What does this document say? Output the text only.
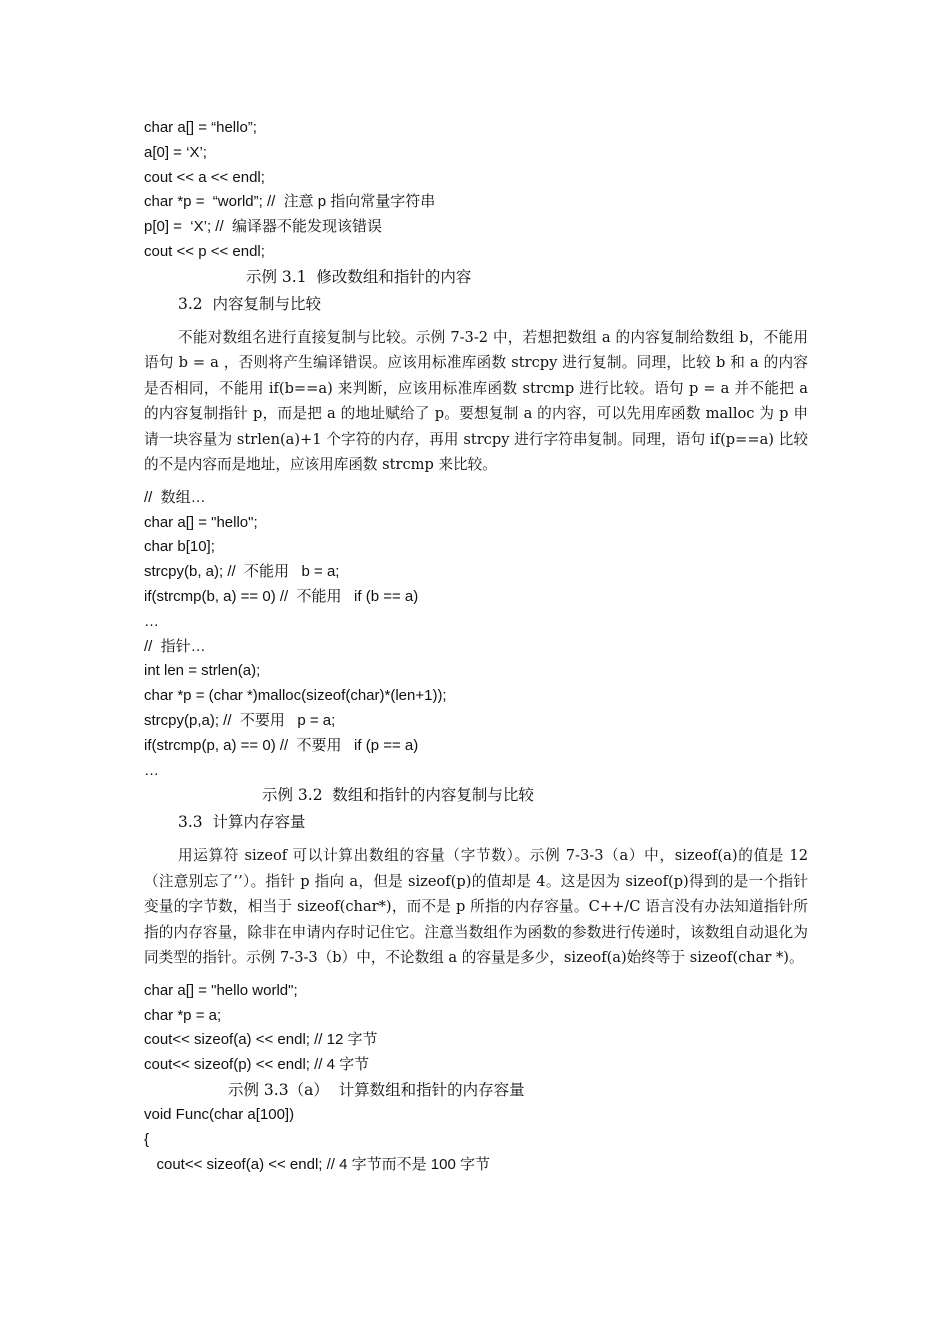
char a[] = “hello”;
a[0] = ‘X’;
cout << a << endl;
char *p =  “world”; //  注意 p 指向常量字符串
p[0] =  ‘X’; //  编译器不能发现该错误
cout << p << endl;
示例 3.1  修改数组和指针的内容
3.2  内容复制与比较

不能对数组名进行直接复制与比较。示例 7-3-2 中，若想把数组 a 的内容复制给数组 b，不能用语句 b = a ，否则将产生编译错误。应该用标准库函数 strcpy 进行复制。同理，比较 b 和 a 的内容是否相同，不能用 if(b==a) 来判断，应该用标准库函数 strcmp 进行比较。语句 p = a 并不能把 a 的内容复制指针 p，而是把 a 的地址赋给了 p。要想复制 a 的内容，可以先用库函数 malloc 为 p 申请一块容量为 strlen(a)+1 个字符的内存，再用 strcpy 进行字符串复制。同理，语句 if(p==a) 比较的不是内容而是地址，应该用库函数 strcmp 来比较。

//  数组…
char a[] = "hello";
char b[10];
strcpy(b, a); //  不能用   b = a;
if(strcmp(b, a) == 0) //  不能用   if (b == a)
…
//  指针…
int len = strlen(a);
char *p = (char *)malloc(sizeof(char)*(len+1));
strcpy(p,a); //  不要用   p = a;
if(strcmp(p, a) == 0) //  不要用   if (p == a)
…
示例 3.2  数组和指针的内容复制与比较
3.3  计算内存容量

用运算符 sizeof 可以计算出数组的容量（字节数）。示例 7-3-3（a）中，sizeof(a)的值是 12（注意别忘了’’）。指针 p 指向 a，但是 sizeof(p)的值却是 4。这是因为 sizeof(p)得到的是一个指针变量的字节数，相当于 sizeof(char*)，而不是 p 所指的内存容量。C++/C 语言没有办法知道指针所指的内存容量，除非在申请内存时记住它。注意当数组作为函数的参数进行传递时，该数组自动退化为同类型的指针。示例 7-3-3（b）中，不论数组 a 的容量是多少，sizeof(a)始终等于 sizeof(char *)。

char a[] = "hello world";
char *p = a;
cout<< sizeof(a) << endl; // 12 字节
cout<< sizeof(p) << endl; // 4 字节
示例 3.3（a）  计算数组和指针的内存容量
void Func(char a[100])
{
cout<< sizeof(a) << endl; // 4 字节而不是 100 字节
